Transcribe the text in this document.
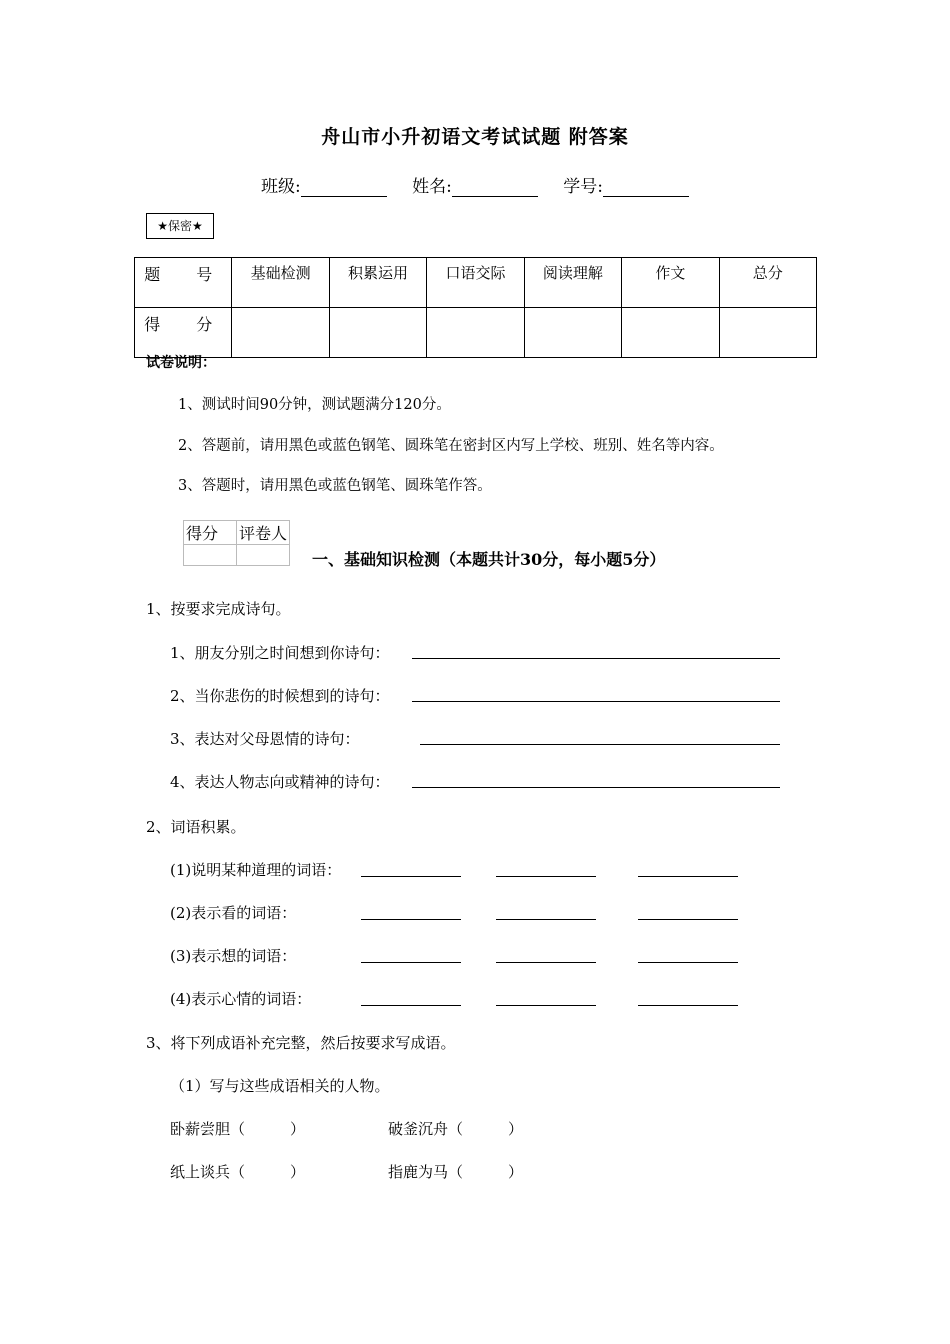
舟山市小升初语文考试试题 附答案
班级:	姓名:	学号:
★保密★
题　号	基础检测	积累运用	口语交际	阅读理解	作文	总分
得　分						
试卷说明：
1、测试时间90分钟，测试题满分120分。
2、答题前，请用黑色或蓝色钢笔、圆珠笔在密封区内写上学校、班别、姓名等内容。
3、答题时，请用黑色或蓝色钢笔、圆珠笔作答。
得分	评卷人

一、基础知识检测（本题共计30分，每小题5分）
1、按要求完成诗句。
1、朋友分别之时间想到你诗句：
2、当你悲伤的时候想到的诗句：
3、表达对父母恩情的诗句：
4、表达人物志向或精神的诗句：
2、词语积累。
(1)说明某种道理的词语：
(2)表示看的词语：
(3)表示想的词语：
(4)表示心情的词语：
3、将下列成语补充完整，然后按要求写成语。
（1）写与这些成语相关的人物。
卧薪尝胆（　　　）	破釜沉舟（　　　）
纸上谈兵（　　　）	指鹿为马（　　　）
